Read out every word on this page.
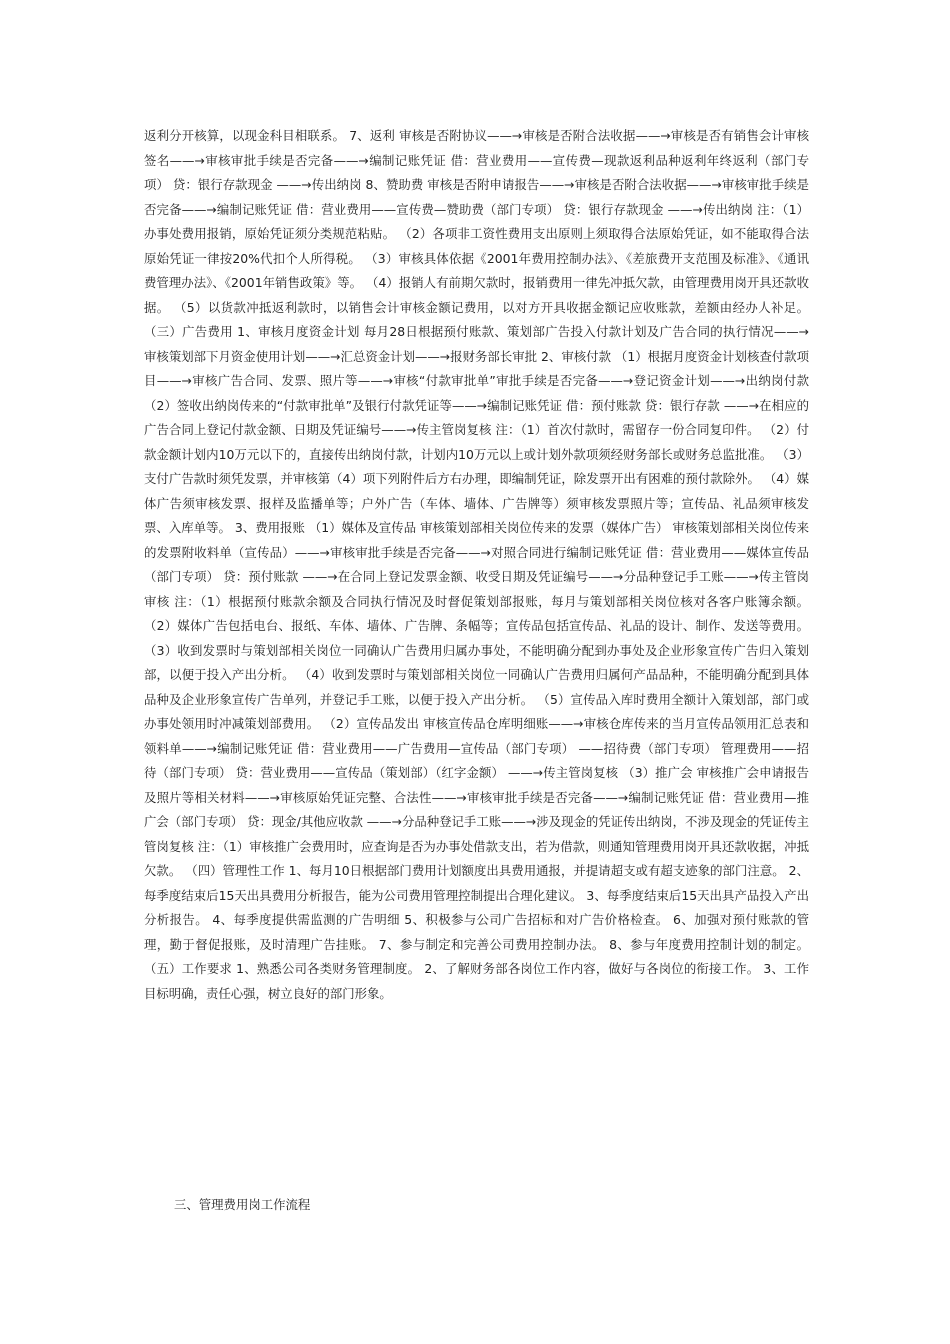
返利分开核算，以现金科目相联系。 7、返利 审核是否附协议——→审核是否附合法收据——→审核是否有销售会计审核签名——→审核审批手续是否完备——→编制记账凭证 借：营业费用——宣传费—现款返利品种返利年终返利（部门专项） 贷：银行存款现金 ——→传出纳岗 8、赞助费 审核是否附申请报告——→审核是否附合法收据——→审核审批手续是否完备——→编制记账凭证 借：营业费用——宣传费—赞助费（部门专项） 贷：银行存款现金 ——→传出纳岗 注：（1）办事处费用报销，原始凭证须分类规范粘贴。 （2）各项非工资性费用支出原则上须取得合法原始凭证，如不能取得合法原始凭证一律按20%代扣个人所得税。 （3）审核具体依据《2001年费用控制办法》、《差旅费开支范围及标准》、《通讯费管理办法》、《2001年销售政策》等。 （4）报销人有前期欠款时，报销费用一律先冲抵欠款，由管理费用岗开具还款收据。 （5）以货款冲抵返利款时，以销售会计审核金额记费用，以对方开具收据金额记应收账款，差额由经办人补足。 （三）广告费用 1、审核月度资金计划 每月28日根据预付账款、策划部广告投入付款计划及广告合同的执行情况——→ 审核策划部下月资金使用计划——→汇总资金计划——→报财务部长审批 2、审核付款 （1）根据月度资金计划核查付款项目——→审核广告合同、发票、照片等——→审核“付款审批单”审批手续是否完备——→登记资金计划——→出纳岗付款 （2）签收出纳岗传来的“付款审批单”及银行付款凭证等——→编制记账凭证 借：预付账款 贷：银行存款 ——→在相应的广告合同上登记付款金额、日期及凭证编号——→传主管岗复核 注：（1）首次付款时，需留存一份合同复印件。 （2）付款金额计划内10万元以下的，直接传出纳岗付款，计划内10万元以上或计划外款项须经财务部长或财务总监批准。 （3） 支付广告款时须凭发票，并审核第（4）项下列附件后方右办理，即编制凭证，除发票开出有困难的预付款除外。 （4）媒体广告须审核发票、报样及监播单等；户外广告（车体、墙体、广告牌等）须审核发票照片等；宣传品、礼品须审核发票、入库单等。 3、费用报账 （1）媒体及宣传品 审核策划部相关岗位传来的发票（媒体广告） 审核策划部相关岗位传来的发票附收料单（宣传品）——→审核审批手续是否完备——→对照合同进行编制记账凭证 借：营业费用——媒体宣传品（部门专项） 贷：预付账款 ——→在合同上登记发票金额、收受日期及凭证编号——→分品种登记手工账——→传主管岗审核 注：（1）根据预付账款余额及合同执行情况及时督促策划部报账，每月与策划部相关岗位核对各客户账簿余额。 （2）媒体广告包括电台、报纸、车体、墙体、广告牌、条幅等；宣传品包括宣传品、礼品的设计、制作、发送等费用。 （3）收到发票时与策划部相关岗位一同确认广告费用归属办事处，不能明确分配到办事处及企业形象宣传广告归入策划部，以便于投入产出分析。 （4）收到发票时与策划部相关岗位一同确认广告费用归属何产品品种，不能明确分配到具体品种及企业形象宣传广告单列，并登记手工账，以便于投入产出分析。 （5）宣传品入库时费用全额计入策划部，部门或办事处领用时冲减策划部费用。 （2）宣传品发出 审核宣传品仓库明细账——→审核仓库传来的当月宣传品领用汇总表和领料单——→编制记账凭证 借：营业费用——广告费用—宣传品（部门专项） ——招待费（部门专项） 管理费用——招待（部门专项） 贷：营业费用——宣传品（策划部）（红字金额） ——→传主管岗复核 （3）推广会 审核推广会申请报告及照片等相关材料——→审核原始凭证完整、合法性——→审核审批手续是否完备——→编制记账凭证 借：营业费用—推广会（部门专项） 贷：现金/其他应收款 ——→分品种登记手工账——→涉及现金的凭证传出纳岗，不涉及现金的凭证传主管岗复核 注：（1）审核推广会费用时，应查询是否为办事处借款支出，若为借款，则通知管理费用岗开具还款收据，冲抵欠款。 （四）管理性工作 1、每月10日根据部门费用计划额度出具费用通报，并提请超支或有超支迹象的部门注意。 2、每季度结束后15天出具费用分析报告，能为公司费用管理控制提出合理化建议。 3、每季度结束后15天出具产品投入产出分析报告。 4、每季度提供需监测的广告明细 5、积极参与公司广告招标和对广告价格检查。 6、加强对预付账款的管理，勤于督促报账，及时清理广告挂账。 7、参与制定和完善公司费用控制办法。 8、参与年度费用控制计划的制定。 （五）工作要求 1、熟悉公司各类财务管理制度。 2、了解财务部各岗位工作内容，做好与各岗位的衔接工作。 3、工作目标明确，责任心强，树立良好的部门形象。

三、管理费用岗工作流程
